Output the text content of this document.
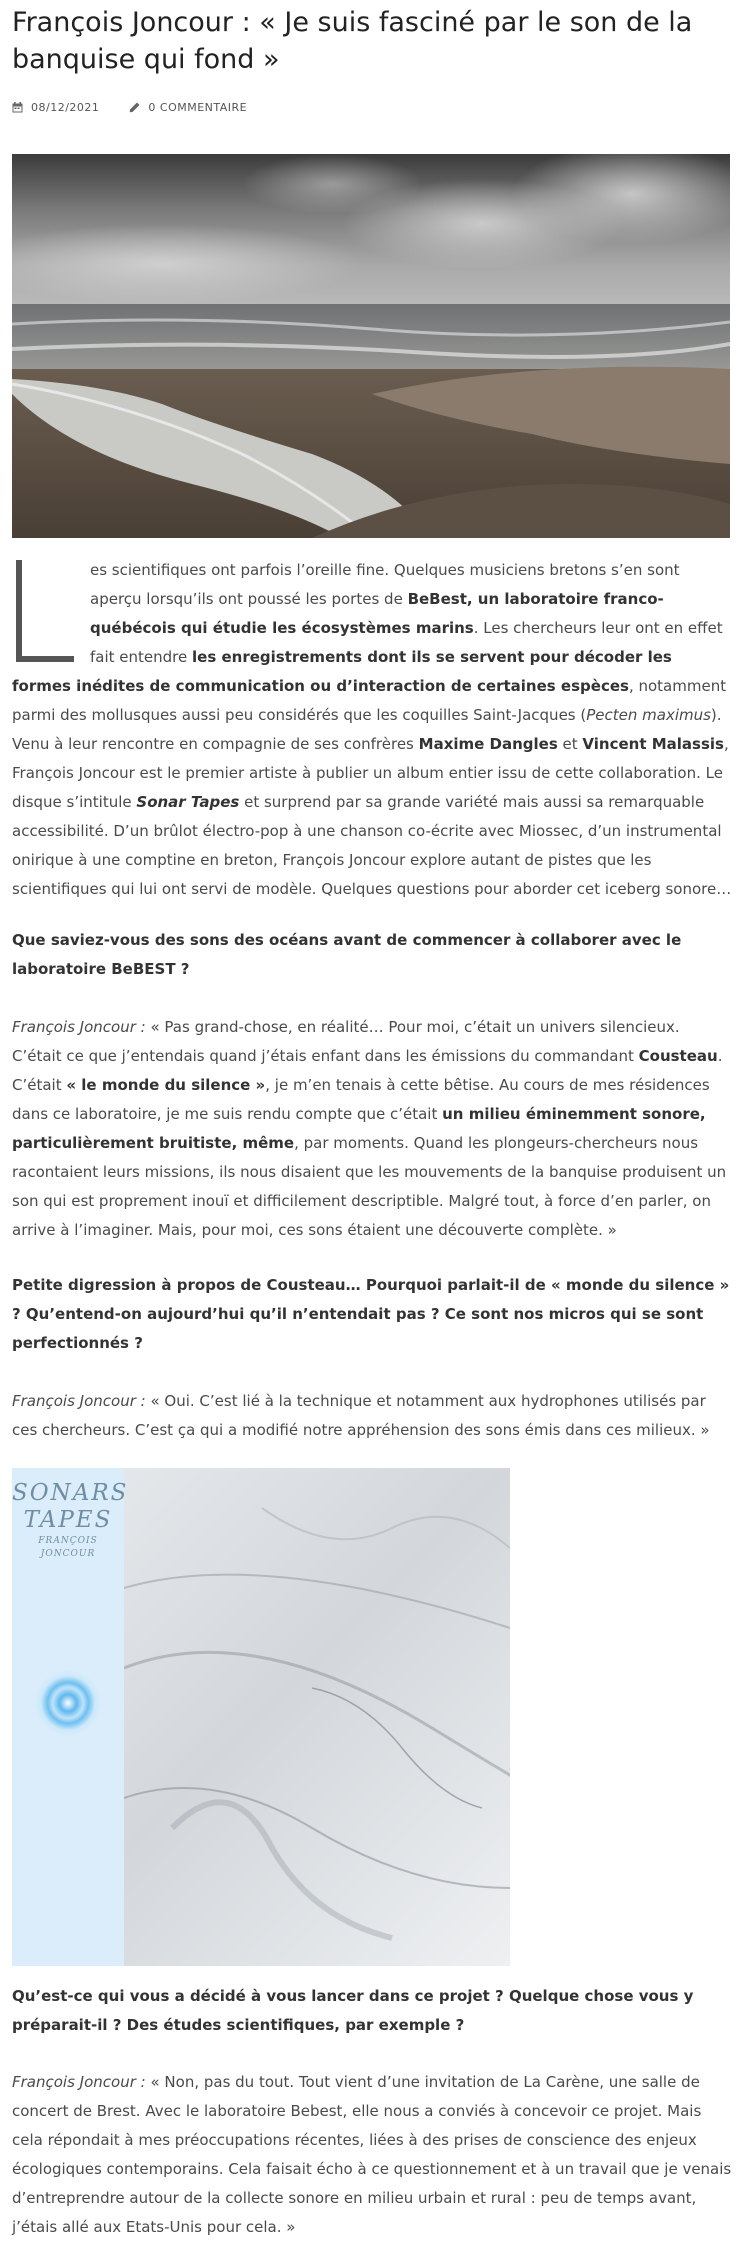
François Joncour : « Je suis fasciné par le son de la banquise qui fond »
08/12/2021	0 COMMENTAIRE

es scientifiques ont parfois l’oreille fine. Quelques musiciens bretons s’en sont aperçu lorsqu’ils ont poussé les portes de BeBest, un laboratoire franco-québécois qui étudie les écosystèmes marins. Les chercheurs leur ont en effet fait entendre les enregistrements dont ils se servent pour décoder les formes inédites de communication ou d’interaction de certaines espèces, notamment parmi des mollusques aussi peu considérés que les coquilles Saint-Jacques (Pecten maximus). Venu à leur rencontre en compagnie de ses confrères Maxime Dangles et Vincent Malassis, François Joncour est le premier artiste à publier un album entier issu de cette collaboration. Le disque s’intitule Sonar Tapes et surprend par sa grande variété mais aussi sa remarquable accessibilité. D’un brûlot électro-pop à une chanson co-écrite avec Miossec, d’un instrumental onirique à une comptine en breton, François Joncour explore autant de pistes que les scientifiques qui lui ont servi de modèle. Quelques questions pour aborder cet iceberg sonore…

Que saviez-vous des sons des océans avant de commencer à collaborer avec le laboratoire BeBEST ?

François Joncour : « Pas grand-chose, en réalité… Pour moi, c’était un univers silencieux. C’était ce que j’entendais quand j’étais enfant dans les émissions du commandant Cousteau. C’était « le monde du silence », je m’en tenais à cette bêtise. Au cours de mes résidences dans ce laboratoire, je me suis rendu compte que c’était un milieu éminemment sonore, particulièrement bruitiste, même, par moments. Quand les plongeurs-chercheurs nous racontaient leurs missions, ils nous disaient que les mouvements de la banquise produisent un son qui est proprement inouï et difficilement descriptible. Malgré tout, à force d’en parler, on arrive à l’imaginer. Mais, pour moi, ces sons étaient une découverte complète. »

Petite digression à propos de Cousteau… Pourquoi parlait-il de « monde du silence » ? Qu’entend-on aujourd’hui qu’il n’entendait pas ? Ce sont nos micros qui se sont perfectionnés ?

François Joncour : « Oui. C’est lié à la technique et notamment aux hydrophones utilisés par ces chercheurs. C’est ça qui a modifié notre appréhension des sons émis dans ces milieux. »

SONARS
TAPES
FRANÇOIS
JONCOUR

Qu’est-ce qui vous a décidé à vous lancer dans ce projet ? Quelque chose vous y préparait-il ? Des études scientifiques, par exemple ?

François Joncour : « Non, pas du tout. Tout vient d’une invitation de La Carène, une salle de concert de Brest. Avec le laboratoire Bebest, elle nous a conviés à concevoir ce projet. Mais cela répondait à mes préoccupations récentes, liées à des prises de conscience des enjeux écologiques contemporains. Cela faisait écho à ce questionnement et à un travail que je venais d’entreprendre autour de la collecte sonore en milieu urbain et rural : peu de temps avant, j’étais allé aux Etats-Unis pour cela. »
